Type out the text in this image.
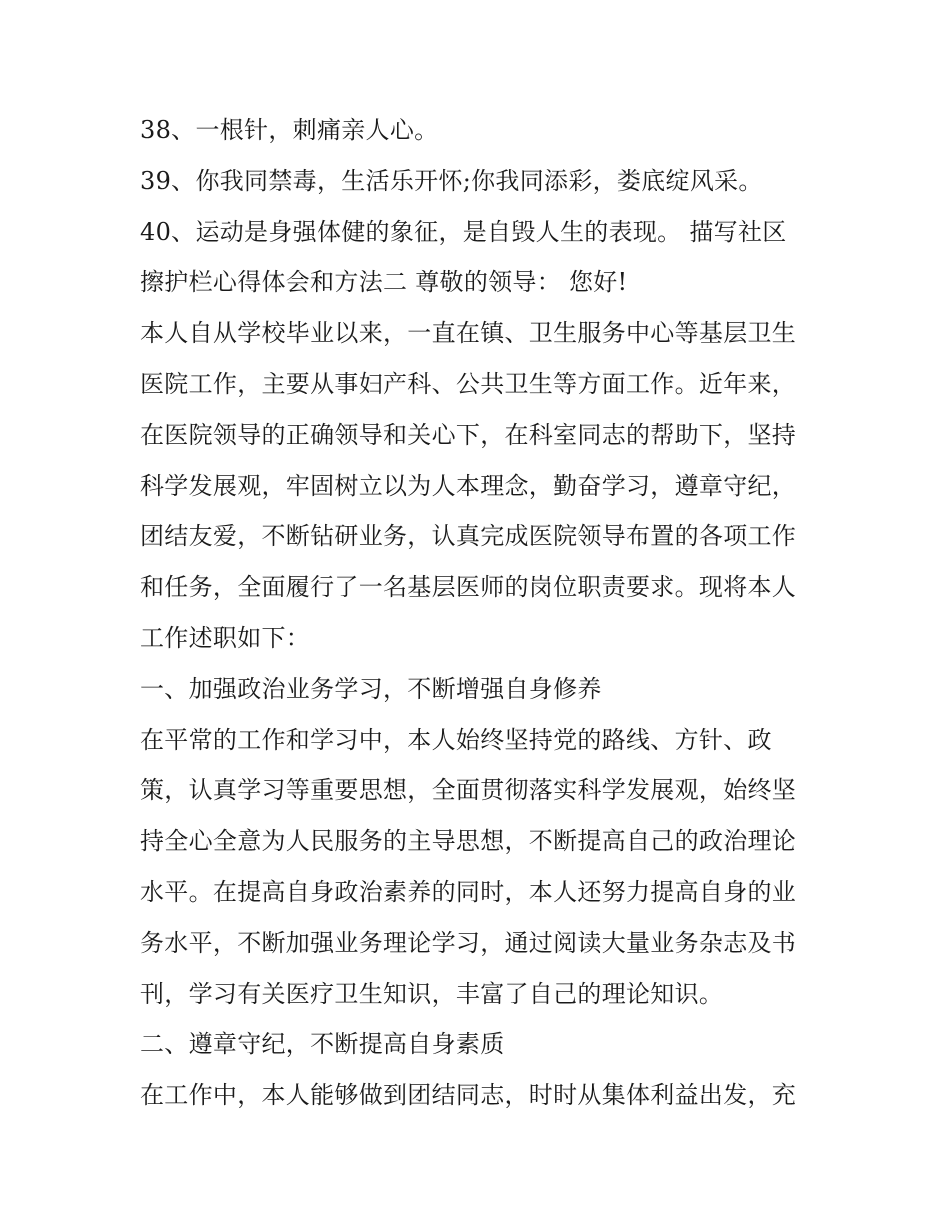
38、一根针，刺痛亲人心。
39、你我同禁毒，生活乐开怀;你我同添彩，娄底绽风采。
40、运动是身强体健的象征，是自毁人生的表现。 描写社区
擦护栏心得体会和方法二 尊敬的领导： 您好!
本人自从学校毕业以来，一直在镇、卫生服务中心等基层卫生
医院工作，主要从事妇产科、公共卫生等方面工作。近年来，
在医院领导的正确领导和关心下，在科室同志的帮助下，坚持
科学发展观，牢固树立以为人本理念，勤奋学习，遵章守纪，
团结友爱，不断钻研业务，认真完成医院领导布置的各项工作
和任务，全面履行了一名基层医师的岗位职责要求。现将本人
工作述职如下：
一、加强政治业务学习，不断增强自身修养
在平常的工作和学习中，本人始终坚持党的路线、方针、政
策，认真学习等重要思想，全面贯彻落实科学发展观，始终坚
持全心全意为人民服务的主导思想，不断提高自己的政治理论
水平。在提高自身政治素养的同时，本人还努力提高自身的业
务水平，不断加强业务理论学习，通过阅读大量业务杂志及书
刊，学习有关医疗卫生知识，丰富了自己的理论知识。
二、遵章守纪，不断提高自身素质
在工作中，本人能够做到团结同志，时时从集体利益出发，充
